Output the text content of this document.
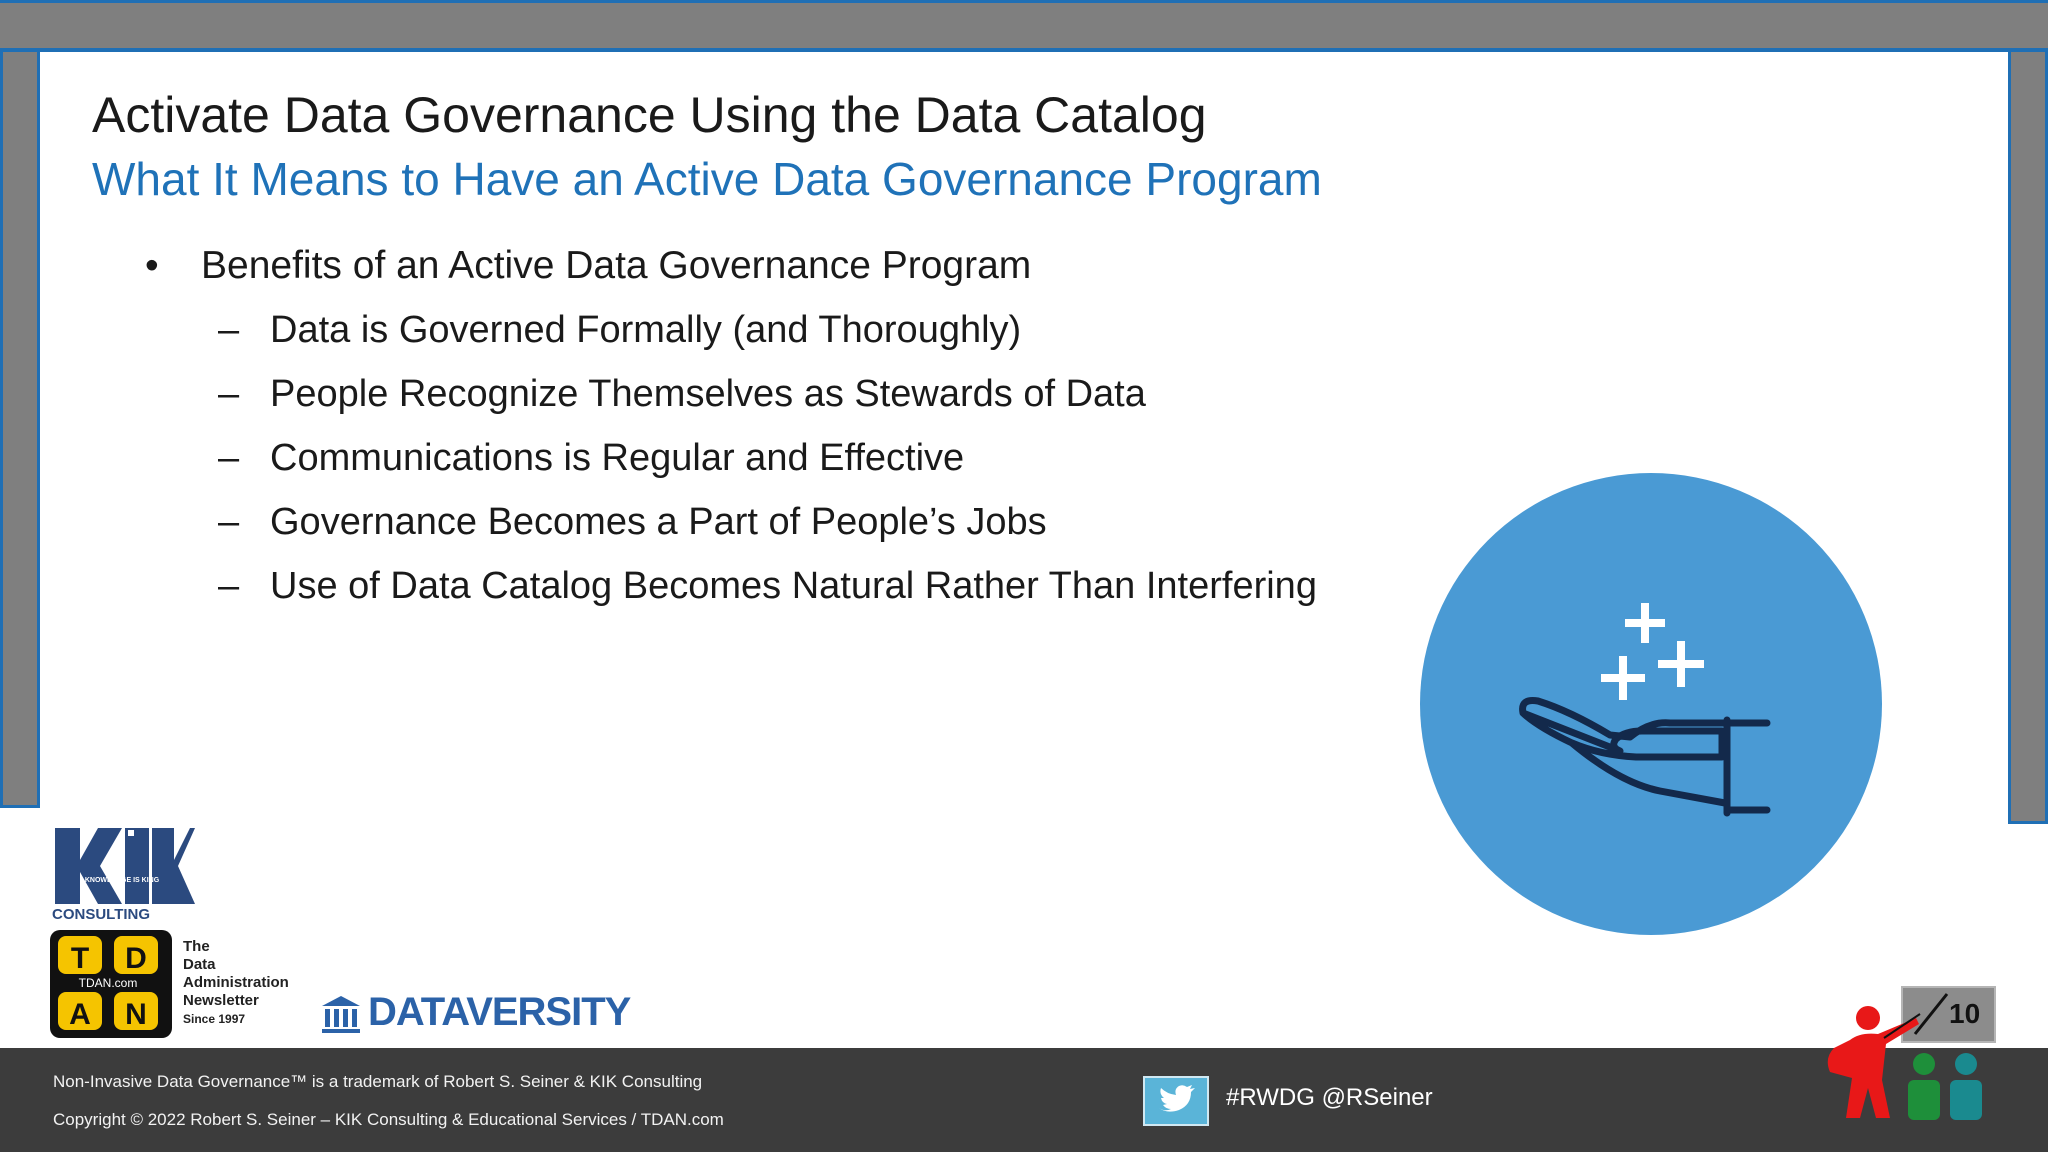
Activate Data Governance Using the Data Catalog
What It Means to Have an Active Data Governance Program
• Benefits of an Active Data Governance Program
– Data is Governed Formally (and Thoroughly)
– People Recognize Themselves as Stewards of Data
– Communications is Regular and Effective
– Governance Becomes a Part of People’s Jobs
– Use of Data Catalog Becomes Natural Rather Than Interfering
KNOWLEDGE IS KING
CONSULTING
T D
A N
TDAN.com
The
Data
Administration
Newsletter
Since 1997	DATAVERSITY	10
Non-Invasive Data Governance™ is a trademark of Robert S. Seiner & KIK Consulting
Copyright © 2022 Robert S. Seiner – KIK Consulting & Educational Services / TDAN.com
#RWDG @RSeiner
